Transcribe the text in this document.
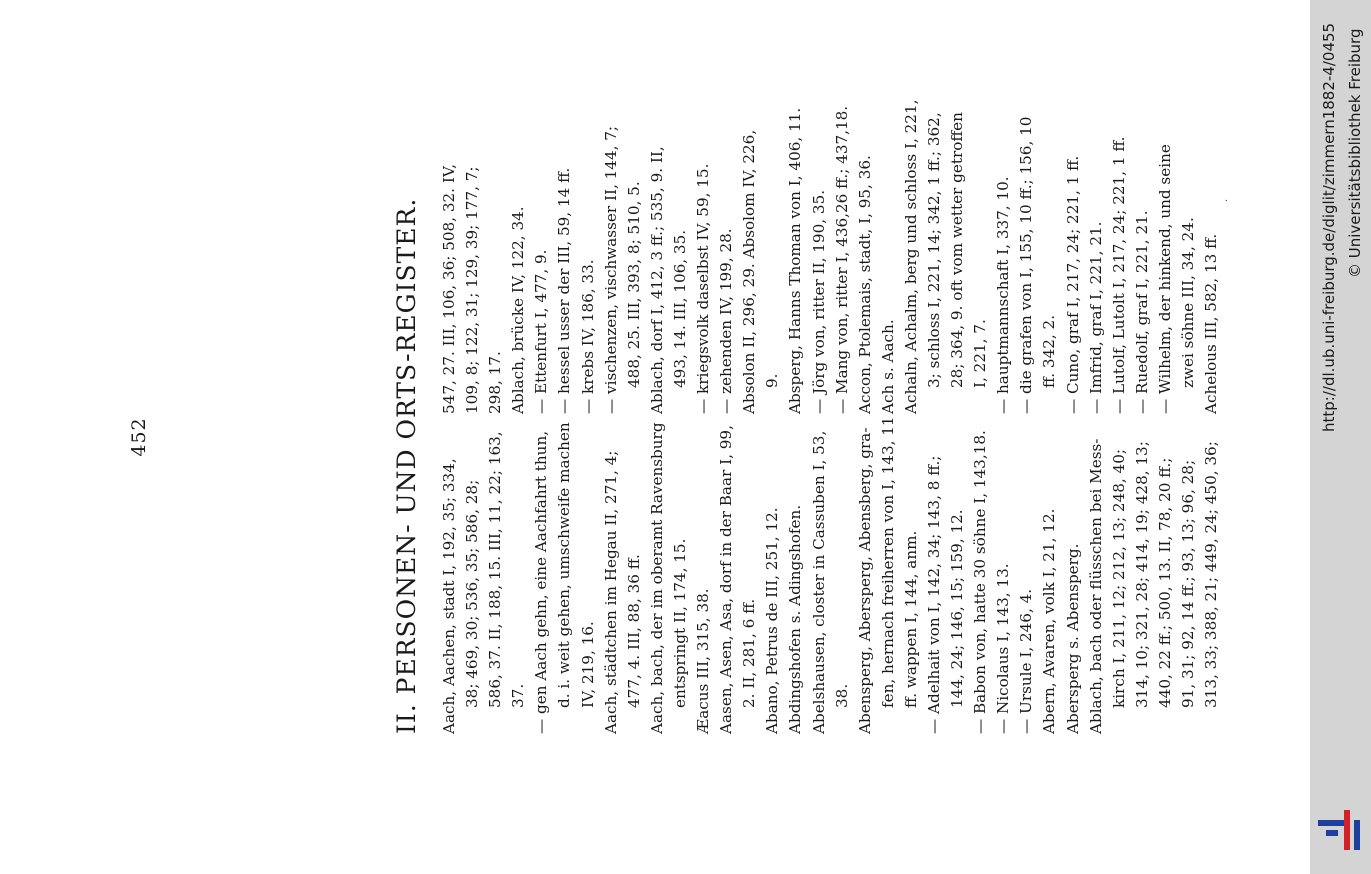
452	II. PERSONEN- UND ORTS-REGISTER. Aach, Aachen, stadt I, 192, 35; 334, 38; 469, 30; 536, 35; 586, 28; 586, 37. II, 188, 15. III, 11, 22; 163, 37. — gen Aach gehn, eine Aachfahrt thun, d. i. weit gehen, umschweife machen IV, 219, 16. Aach, städtchen im Hegau II, 271, 4; 477, 4. III, 88, 36 ff. Aach, bach, der im oberamt Ravensburg entspringt II, 174, 15. Æacus III, 315, 38. Aasen, Asen, Asa, dorf in der Baar I, 99, 2. II, 281, 6 ff. Abano, Petrus de III, 251, 12. Abdingshofen s. Adingshofen. Abelshausen, closter in Cassuben I, 53, 38. Abensperg, Abersperg, Abensberg, gra- fen, hernach freiherren von I, 143, 11 ff. wappen I, 144, anm. — Adelhait von I, 142, 34; 143, 8 ff.; 144, 24; 146, 15; 159, 12. — Babon von, hatte 30 söhne I, 143,18. — Nicolaus I, 143, 13. — Ursule I, 246, 4. Abern, Avaren, volk I, 21, 12. Abersperg s. Abensperg. Ablach, bach oder flüsschen bei Mess- kirch I, 211, 12; 212, 13; 248, 40; 314, 10; 321, 28; 414, 19; 428, 13; 440, 22 ff.; 500, 13. II, 78, 20 ff.; 91, 31; 92, 14 ff.; 93, 13; 96, 28; 313, 33; 388, 21; 449, 24; 450, 36;
547, 27. III, 106, 36; 508, 32. IV, 109, 8; 122, 31; 129, 39; 177, 7; 298, 17. Ablach, brücke IV, 122, 34. — Ettenfurt I, 477, 9. — hessel usser der III, 59, 14 ff. — krebs IV, 186, 33. — vischenzen, vischwasser II, 144, 7; 488, 25. III, 393, 8; 510, 5. Ablach, dorf I, 412, 3 ff.; 535, 9. II, 493, 14. III, 106, 35. — kriegsvolk daselbst IV, 59, 15. — zehenden IV, 199, 28. Absolon II, 296, 29. Absolom IV, 226, 9. Absperg, Hanns Thoman von I, 406, 11. — Jörg von, ritter II, 190, 35. — Mang von, ritter I, 436,26 ff.; 437,18. Accon, Ptolemais, stadt, I, 95, 36. Ach s. Aach. Achaln, Achalm, berg und schloss I, 221, 3; schloss I, 221, 14; 342, 1 ff.; 362, 28; 364, 9. oft vom wetter getroffen I, 221, 7. — hauptmannschaft I, 337, 10. — die grafen von I, 155, 10 ff.; 156, 10 ff. 342, 2. — Cuno, graf I, 217, 24; 221, 1 ff. — Imfrid, graf I, 221, 21. — Lutolf, Lutolt I, 217, 24; 221, 1 ff. — Ruedolf, graf I, 221, 21. — Wilhelm, der hinkend, und seine zwei söhne III, 34, 24. Achelous III, 582, 13 ff.
·	http://dl.ub.uni-freiburg.de/diglit/zimmern1882-4/0455 © Universitätsbibliothek Freiburg
